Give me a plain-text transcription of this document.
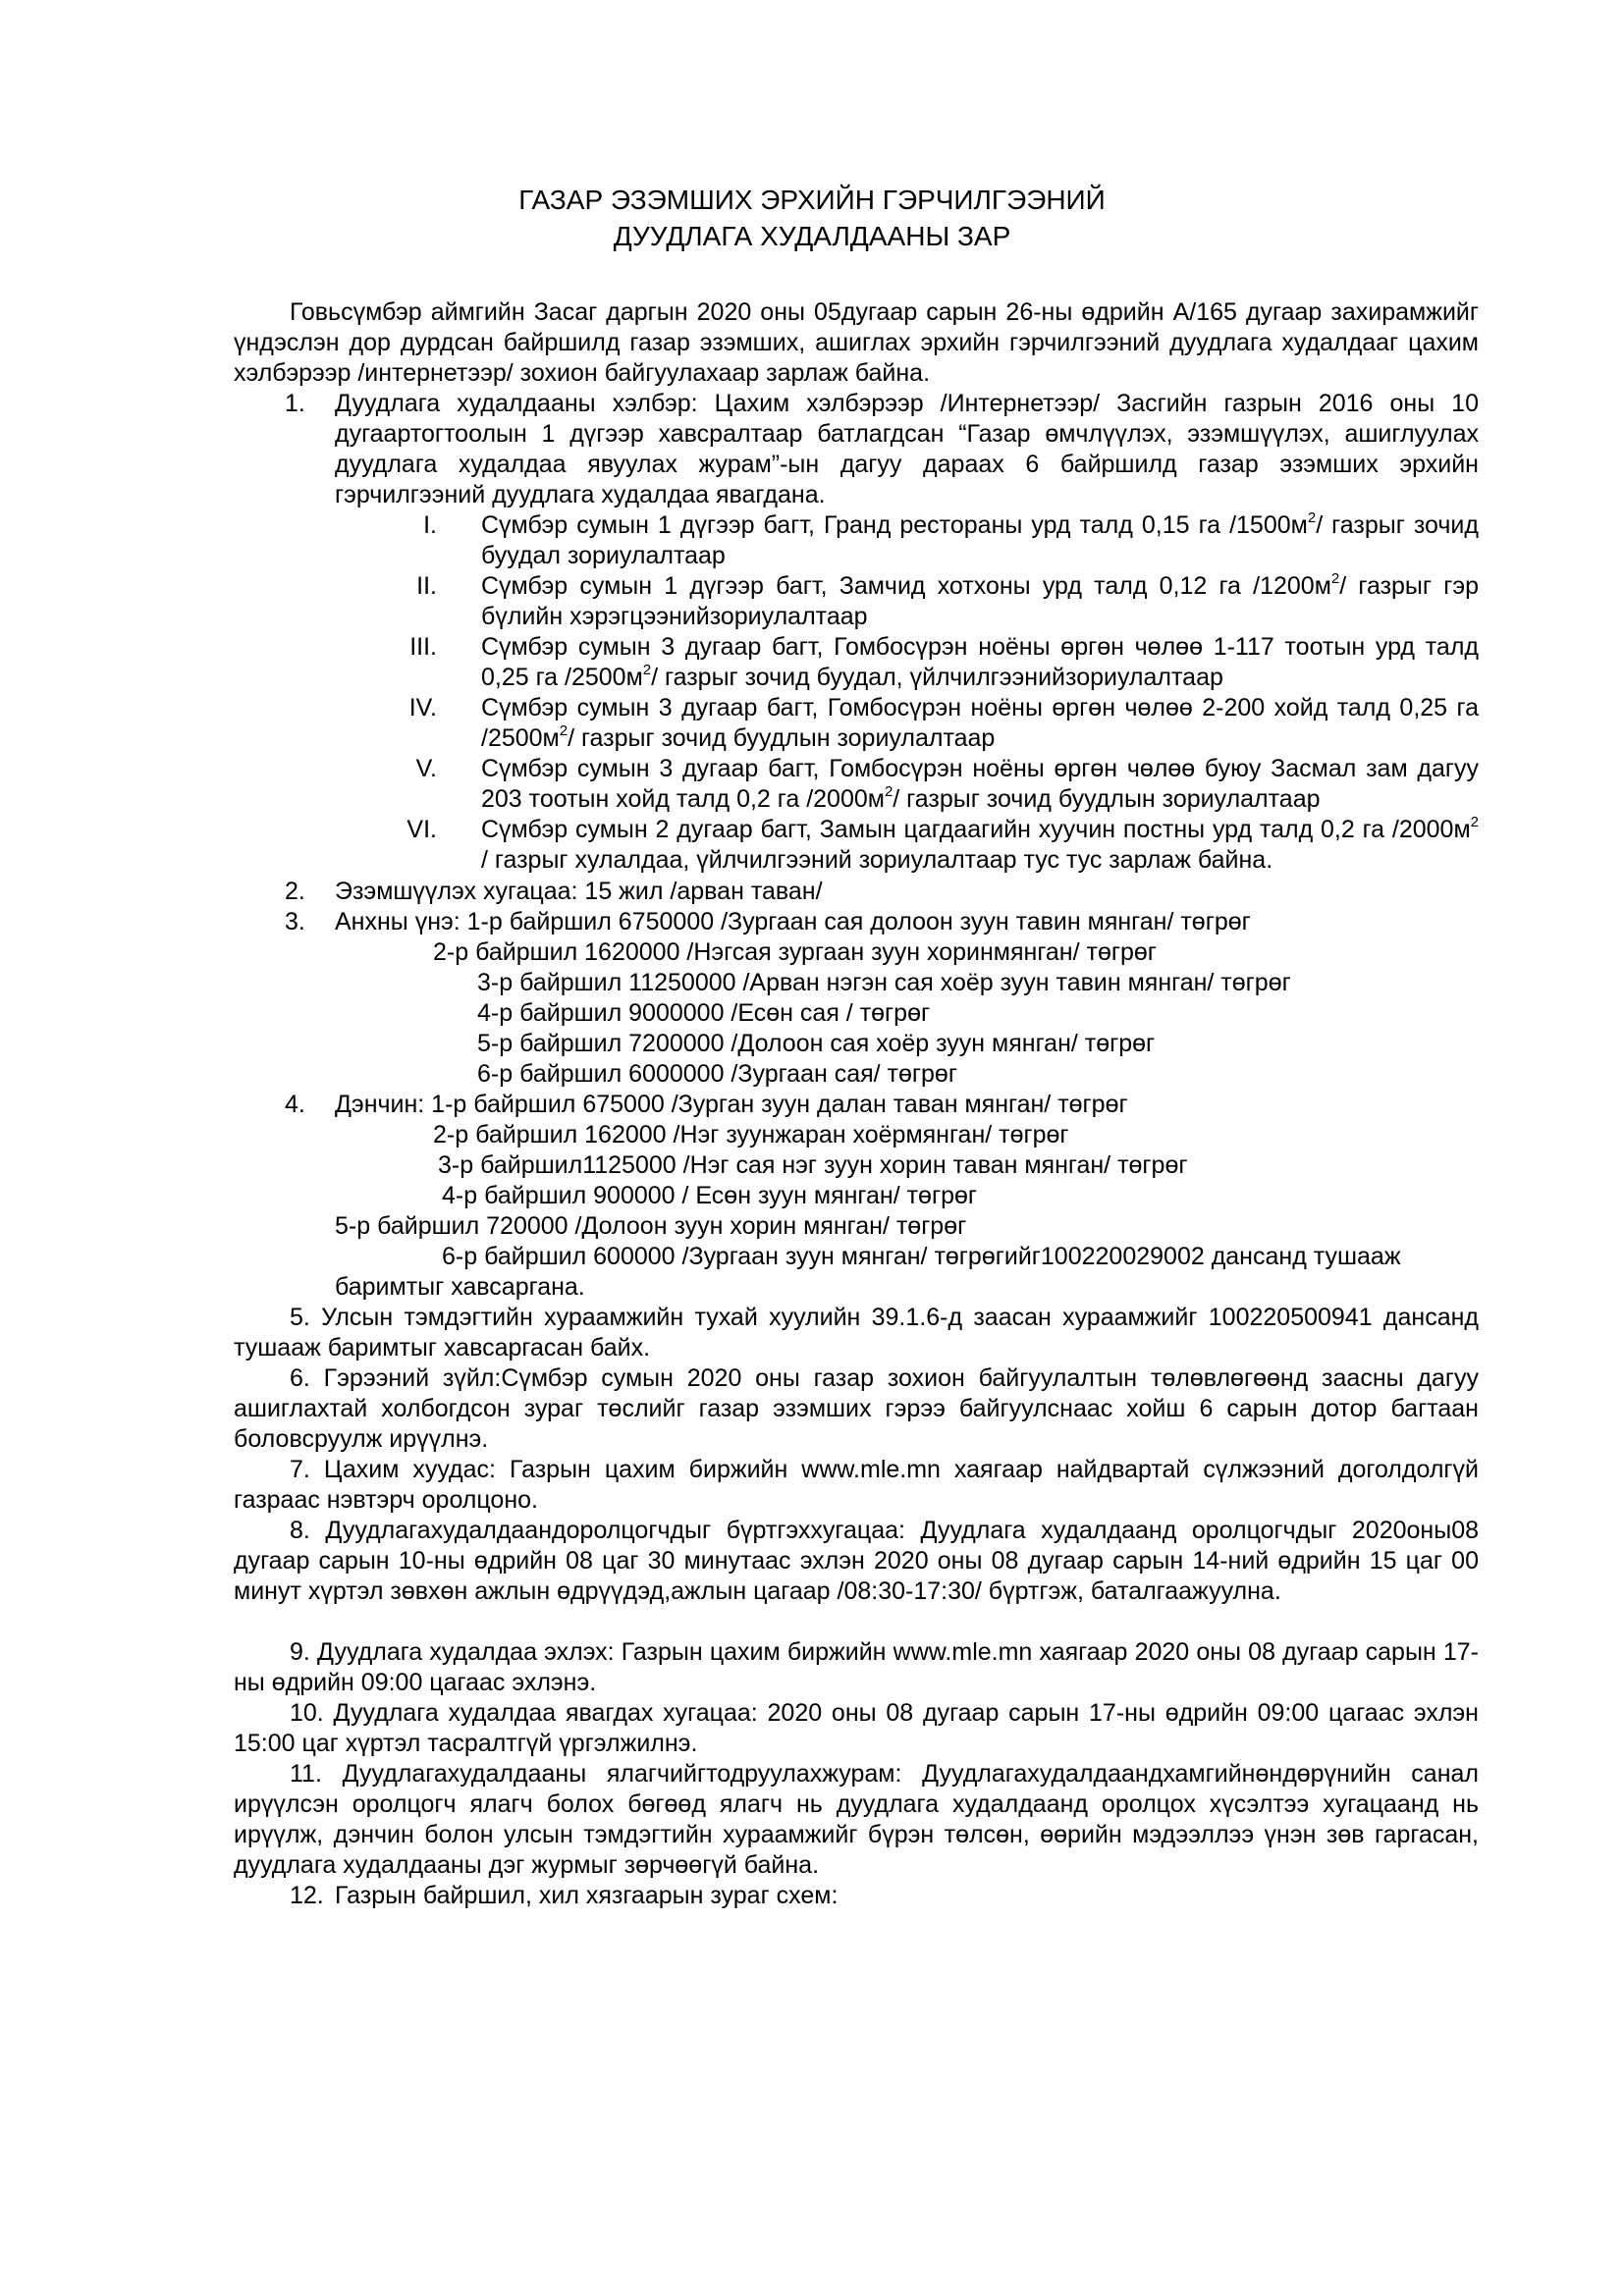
ГАЗАР ЭЗЭМШИХ ЭРХИЙН ГЭРЧИЛГЭЭНИЙ
ДУУДЛАГА ХУДАЛДААНЫ ЗАР
Говьсүмбэр аймгийн Засаг даргын 2020 оны 05дугаар сарын 26-ны өдрийн А/165 дугаар захирамжийг үндэслэн дор дурдсан байршилд газар эзэмших, ашиглах эрхийн гэрчилгээний дуудлага худалдааг цахим хэлбэрээр /интернетээр/ зохион байгуулахаар зарлаж байна.
1.	Дуудлага худалдааны хэлбэр: Цахим хэлбэрээр /Интернетээр/ Засгийн газрын 2016 оны 10 дугаартогтоолын 1 дүгээр хавсралтаар батлагдсан “Газар өмчлүүлэх, эзэмшүүлэх, ашиглуулах дуудлага худалдаа явуулах журам”-ын дагуу дараах 6 байршилд газар эзэмших эрхийн гэрчилгээний дуудлага худалдаа явагдана.
I. Сүмбэр сумын 1 дүгээр багт, Гранд рестораны урд талд 0,15 га $/1500м^2/$ газрыг зочид буудал зориулалтаар
II. Сүмбэр сумын 1 дүгээр багт, Замчид хотхоны урд талд 0,12 га $/1200м^2/$ газрыг гэр бүлийн хэрэгцээнийзориулалтаар
III. Сүмбэр сумын 3 дугаар багт, Гомбосүрэн ноёны өргөн чөлөө 1-117 тоотын урд талд 0,25 га $/2500м^2/$ газрыг зочид буудал, үйлчилгээнийзориулалтаар
IV. Сүмбэр сумын 3 дугаар багт, Гомбосүрэн ноёны өргөн чөлөө 2-200 хойд талд 0,25 га $/2500м^2/$ газрыг зочид буудлын зориулалтаар
V. Сүмбэр сумын 3 дугаар багт, Гомбосүрэн ноёны өргөн чөлөө буюу Засмал зам дагуу 203 тоотын хойд талд 0,2 га $/2000м^2/$ газрыг зочид буудлын зориулалтаар
VI. Сүмбэр сумын 2 дугаар багт, Замын цагдаагийн хуучин постны урд талд 0,2 га $/2000м^2$ / газрыг хулалдаа, үйлчилгээний зориулалтаар тус тус зарлаж байна.
2.	Эзэмшүүлэх хугацаа: 15 жил /арван таван/
3.	Анхны үнэ: 1-р байршил 6750000 /Зургаан сая долоон зуун тавин мянган/ төгрөг
2-р байршил 1620000 /Нэгсая зургаан зуун хоринмянган/ төгрөг
3-р байршил 11250000 /Арван нэгэн сая хоёр зуун тавин мянган/ төгрөг
4-р байршил 9000000 /Есөн сая / төгрөг
5-р байршил 7200000 /Долоон сая хоёр зуун мянган/ төгрөг
6-р байршил 6000000 /Зургаан сая/ төгрөг
4.	Дэнчин: 1-р байршил 675000 /Зурган зуун далан таван мянган/ төгрөг
2-р байршил 162000 /Нэг зуунжаран хоёрмянган/ төгрөг
3-р байршил1125000 /Нэг сая нэг зуун хорин таван мянган/ төгрөг
4-р байршил 900000 / Есөн зуун мянган/ төгрөг
5-р байршил 720000 /Долоон зуун хорин мянган/ төгрөг
6-р байршил 600000 /Зургаан зуун мянган/ төгрөгийг100220029002 дансанд тушааж
баримтыг хавсаргана.
5. Улсын тэмдэгтийн хураамжийн тухай хуулийн 39.1.6-д заасан хураамжийг 100220500941 дансанд тушааж баримтыг хавсаргасан байх.
6. Гэрээний зүйл:Сүмбэр сумын 2020 оны газар зохион байгуулалтын төлөвлөгөөнд заасны дагуу ашиглахтай холбогдсон зураг төслийг газар эзэмших гэрээ байгуулснаас хойш 6 сарын дотор багтаан боловсруулж ирүүлнэ.
7. Цахим хуудас: Газрын цахим биржийн www.mle.mn хаягаар найдвартай сүлжээний доголдолгүй газраас нэвтэрч оролцоно.
8. Дуудлагахудалдаандоролцогчдыг бүртгэххугацаа: Дуудлага худалдаанд оролцогчдыг 2020оны08 дугаар сарын 10-ны өдрийн 08 цаг 30 минутаас эхлэн 2020 оны 08 дугаар сарын 14-ний өдрийн 15 цаг 00 минут хүртэл зөвхөн ажлын өдрүүдэд,ажлын цагаар /08:30-17:30/ бүртгэж, баталгаажуулна.
9. Дуудлага худалдаа эхлэх: Газрын цахим биржийн www.mle.mn хаягаар 2020 оны 08 дугаар сарын 17-ны өдрийн 09:00 цагаас эхлэнэ.
10. Дуудлага худалдаа явагдах хугацаа: 2020 оны 08 дугаар сарын 17-ны өдрийн 09:00 цагаас эхлэн 15:00 цаг хүртэл тасралтгүй үргэлжилнэ.
11. Дуудлагахудалдааны ялагчийгтодруулахжурам: Дуудлагахудалдаандхамгийнөндөрүнийн санал ирүүлсэн оролцогч ялагч болох бөгөөд ялагч нь дуудлага худалдаанд оролцох хүсэлтээ хугацаанд нь ирүүлж, дэнчин болон улсын тэмдэгтийн хураамжийг бүрэн төлсөн, өөрийн мэдээллээ үнэн зөв гаргасан, дуудлага худалдааны дэг журмыг зөрчөөгүй байна.
12. Газрын байршил, хил хязгаарын зураг схем:
